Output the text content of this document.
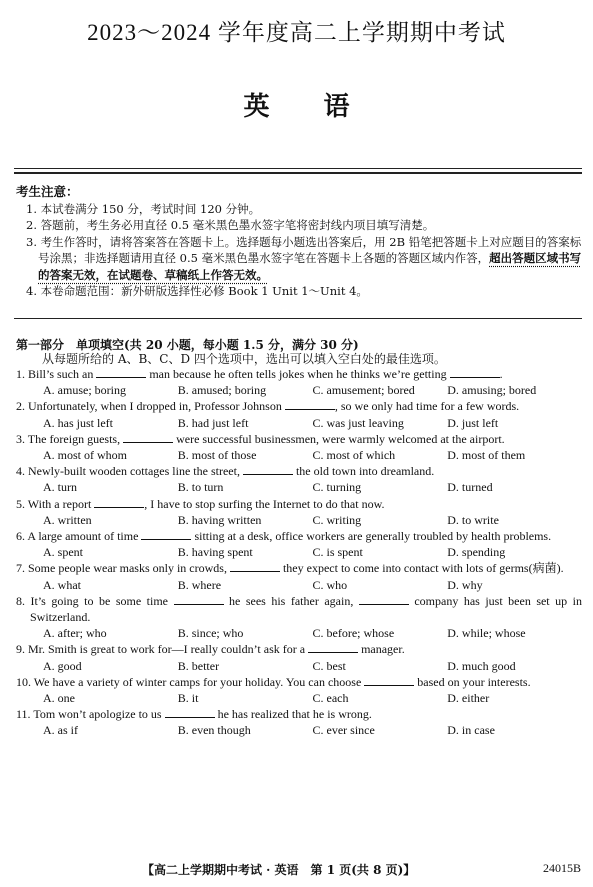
2023～2024 学年度高二上学期期中考试
英语
考生注意：
1. 本试卷满分 150 分，考试时间 120 分钟。
2. 答题前，考生务必用直径 0.5 毫米黑色墨水签字笔将密封线内项目填写清楚。
3. 考生作答时，请将答案答在答题卡上。选择题每小题选出答案后，用 2B 铅笔把答题卡上对应题目的答案标号涂黑；非选择题请用直径 0.5 毫米黑色墨水签字笔在答题卡上各题的答题区域内作答，超出答题区域书写的答案无效，在试题卷、草稿纸上作答无效。
4. 本卷命题范围：新外研版选择性必修 Book 1 Unit 1～Unit 4。
第一部分　单项填空(共 20 小题，每小题 1.5 分，满分 30 分)
从每题所给的 A、B、C、D 四个选项中，选出可以填入空白处的最佳选项。
1. Bill’s such an	man because he often tells jokes when he thinks we’re getting	.
A. amuse; boring	B. amused; boring	C. amusement; bored	D. amusing; bored
2. Unfortunately, when I dropped in, Professor Johnson	, so we only had time for a few words.
A. has just left	B. had just left	C. was just leaving	D. just left
3. The foreign guests,	were successful businessmen, were warmly welcomed at the airport.
A. most of whom	B. most of those	C. most of which	D. most of them
4. Newly-built wooden cottages line the street,	the old town into dreamland.
A. turn	B. to turn	C. turning	D. turned
5. With a report	, I have to stop surfing the Internet to do that now.
A. written	B. having written	C. writing	D. to write
6. A large amount of time	sitting at a desk, office workers are generally troubled by health problems.
A. spent	B. having spent	C. is spent	D. spending
7. Some people wear masks only in crowds,	they expect to come into contact with lots of germs(病菌).
A. what	B. where	C. who	D. why
8. It’s going to be some time	he sees his father again,	company has just been set up in Switzerland.
A. after; who	B. since; who	C. before; whose	D. while; whose
9. Mr. Smith is great to work for—I really couldn’t ask for a	manager.
A. good	B. better	C. best	D. much good
10. We have a variety of winter camps for your holiday. You can choose	based on your interests.
A. one	B. it	C. each	D. either
11. Tom won’t apologize to us	he has realized that he is wrong.
A. as if	B. even though	C. ever since	D. in case
【高二上学期期中考试 · 英语　第 1 页(共 8 页)】	24015B
